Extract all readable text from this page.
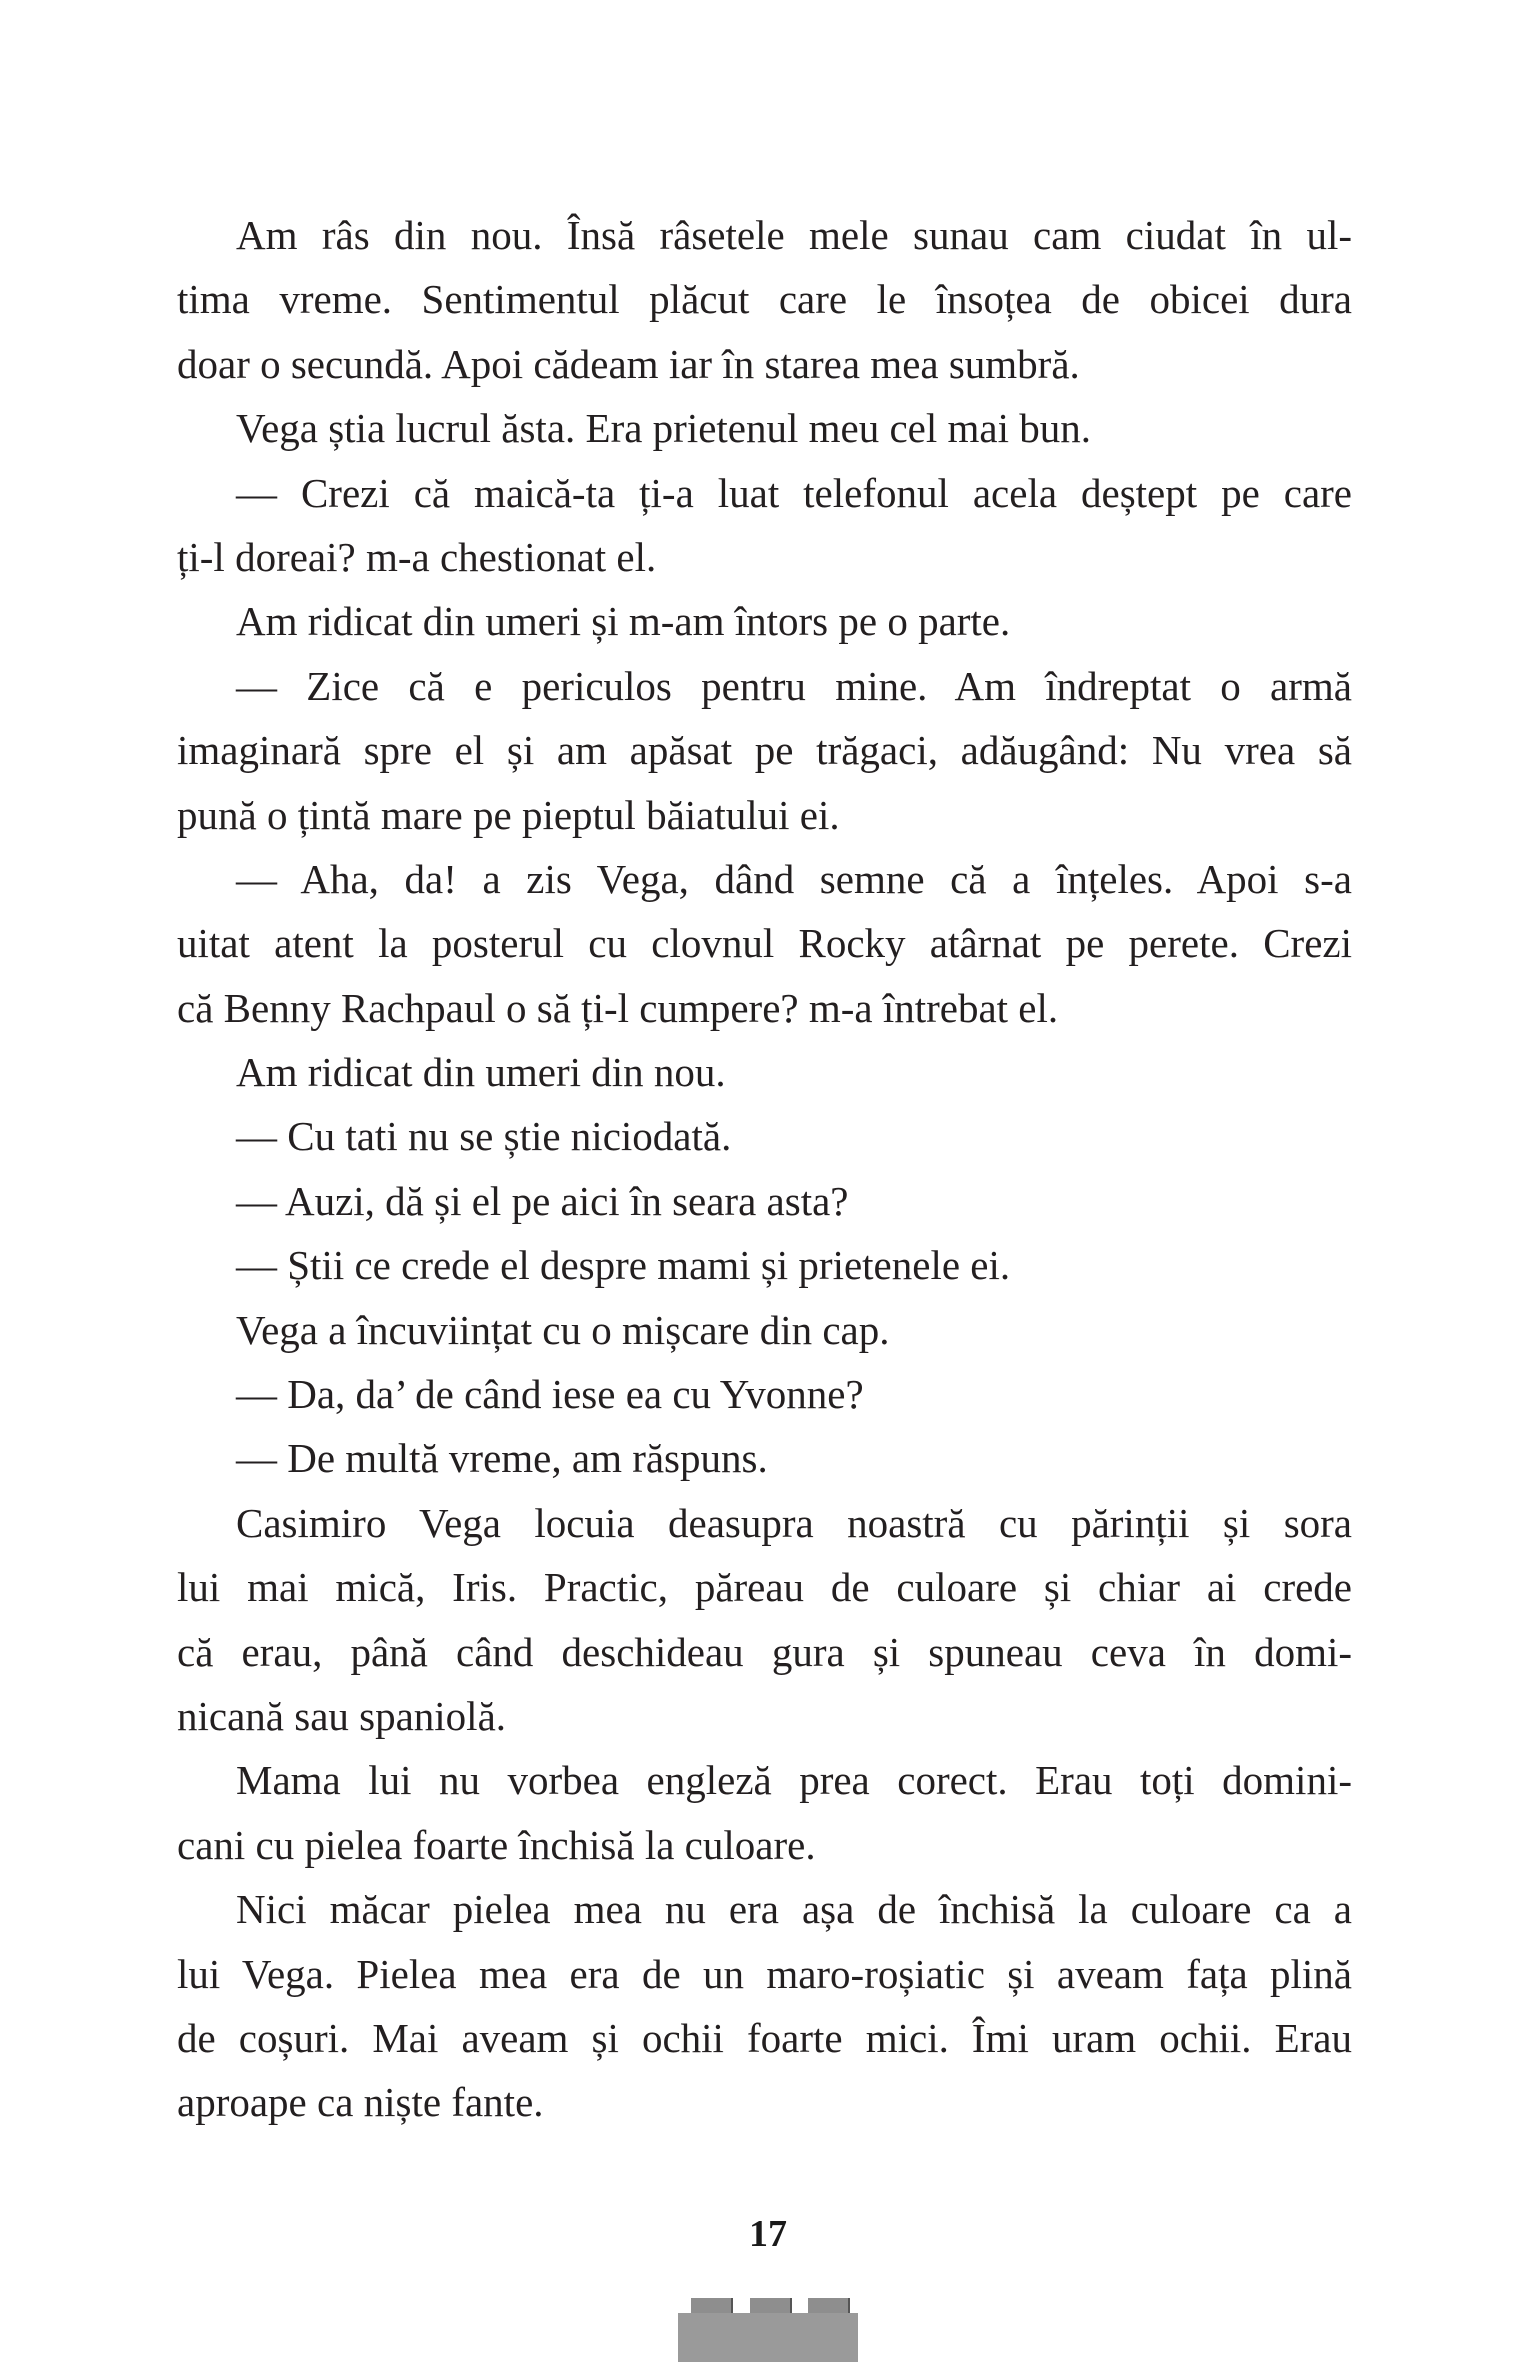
Am râs din nou. Însă râsetele mele sunau cam ciudat în ul-
tima vreme. Sentimentul plăcut care le însoțea de obicei dura
doar o secundă. Apoi cădeam iar în starea mea sumbră.
Vega știa lucrul ăsta. Era prietenul meu cel mai bun.
— Crezi că maică-ta ți-a luat telefonul acela deștept pe care
ți-l doreai? m-a chestionat el.
Am ridicat din umeri și m-am întors pe o parte.
— Zice că e periculos pentru mine. Am îndreptat o armă
imaginară spre el și am apăsat pe trăgaci, adăugând: Nu vrea să
pună o țintă mare pe pieptul băiatului ei.
— Aha, da! a zis Vega, dând semne că a înțeles. Apoi s-a
uitat atent la posterul cu clovnul Rocky atârnat pe perete. Crezi
că Benny Rachpaul o să ți-l cumpere? m-a întrebat el.
Am ridicat din umeri din nou.
— Cu tati nu se știe niciodată.
— Auzi, dă și el pe aici în seara asta?
— Știi ce crede el despre mami și prietenele ei.
Vega a încuviințat cu o mișcare din cap.
— Da, da’ de când iese ea cu Yvonne?
— De multă vreme, am răspuns.
Casimiro Vega locuia deasupra noastră cu părinții și sora
lui mai mică, Iris. Practic, păreau de culoare și chiar ai crede
că erau, până când deschideau gura și spuneau ceva în domi-
nicană sau spaniolă.
Mama lui nu vorbea engleză prea corect. Erau toți domini-
cani cu pielea foarte închisă la culoare.
Nici măcar pielea mea nu era așa de închisă la culoare ca a
lui Vega. Pielea mea era de un maro-roșiatic și aveam fața plină
de coșuri. Mai aveam și ochii foarte mici. Îmi uram ochii. Erau
aproape ca niște fante.
17
